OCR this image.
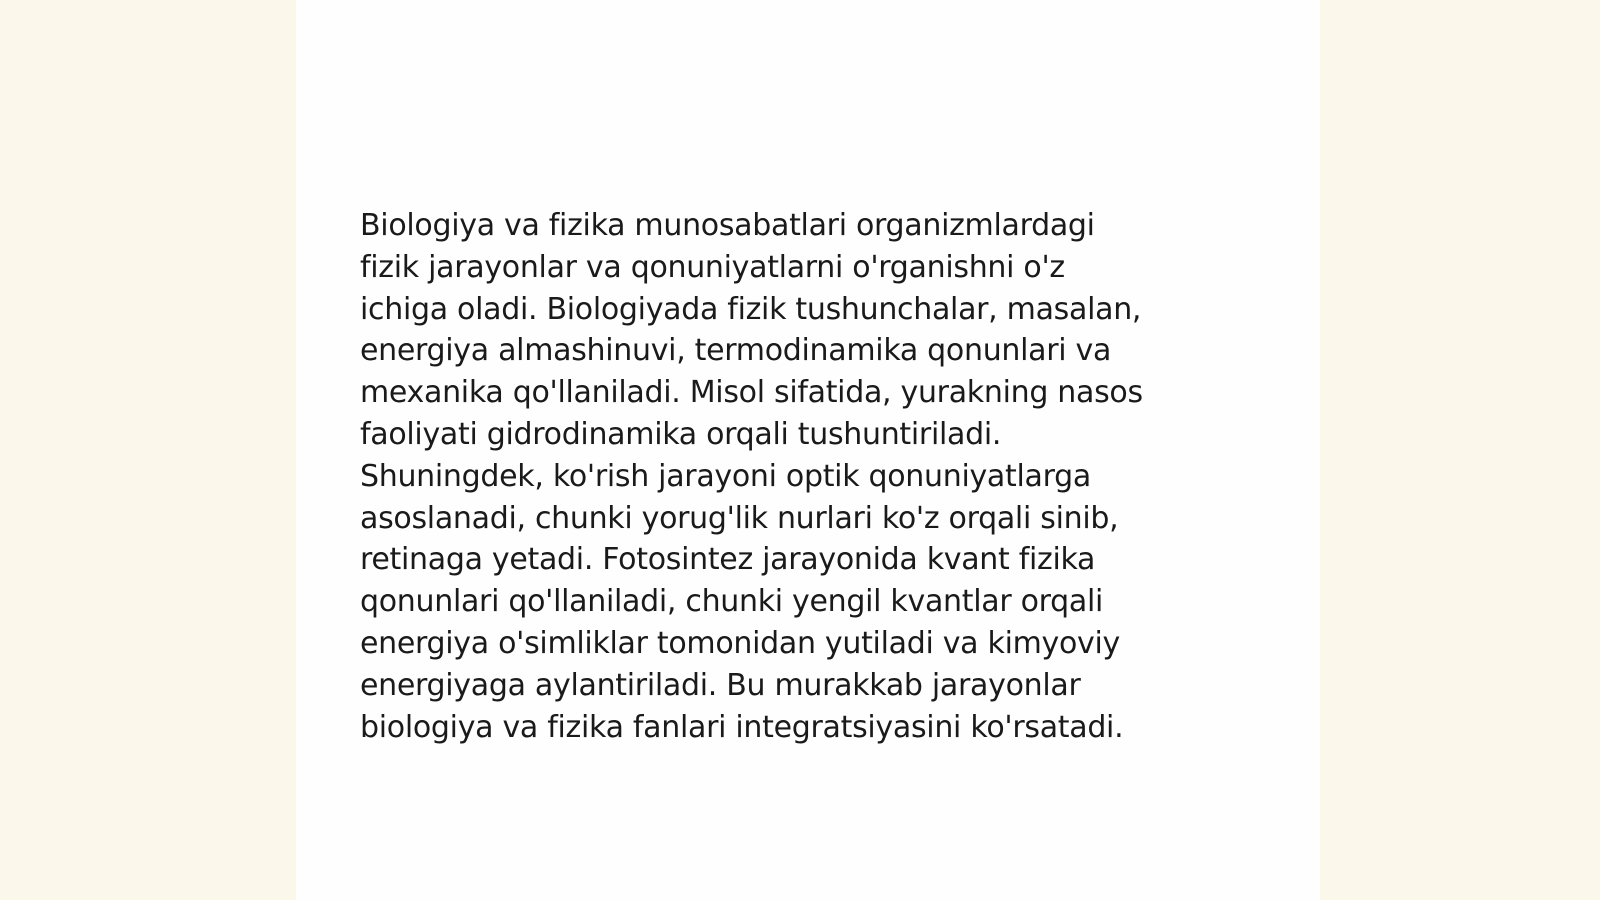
Biologiya va fizika munosabatlari organizmlardagi
fizik jarayonlar va qonuniyatlarni o'rganishni o'z
ichiga oladi. Biologiyada fizik tushunchalar, masalan,
energiya almashinuvi, termodinamika qonunlari va
mexanika qo'llaniladi. Misol sifatida, yurakning nasos
faoliyati gidrodinamika orqali tushuntiriladi.
Shuningdek, ko'rish jarayoni optik qonuniyatlarga
asoslanadi, chunki yorug'lik nurlari ko'z orqali sinib,
retinaga yetadi. Fotosintez jarayonida kvant fizika
qonunlari qo'llaniladi, chunki yengil kvantlar orqali
energiya o'simliklar tomonidan yutiladi va kimyoviy
energiyaga aylantiriladi. Bu murakkab jarayonlar
biologiya va fizika fanlari integratsiyasini ko'rsatadi.
